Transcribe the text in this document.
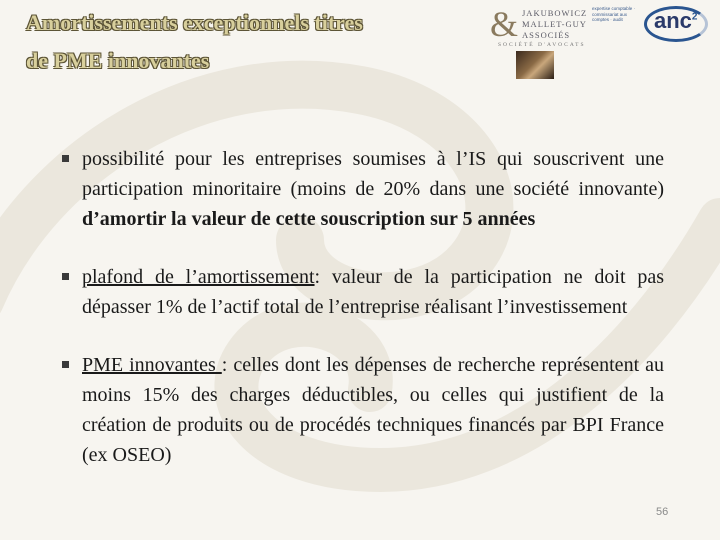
Amortissements exceptionnels titres
de PME innovantes
& JAKUBOWICZ
MALLET-GUY
ASSOCIÉS
SOCIÉTÉ D'AVOCATS
expertise comptable · commissariat aux comptes · audit	anc$^2$
possibilité pour les entreprises soumises à l’IS qui souscrivent une participation minoritaire (moins de 20% dans une société innovante) d’amortir la valeur de cette souscription sur 5 années
plafond de l’amortissement: valeur de la participation ne doit pas dépasser 1% de l’actif total de l’entreprise réalisant l’investissement
PME innovantes : celles dont les dépenses de recherche représentent au moins 15% des charges déductibles, ou celles qui justifient de la création de produits ou de procédés techniques financés par BPI France (ex OSEO)
56
